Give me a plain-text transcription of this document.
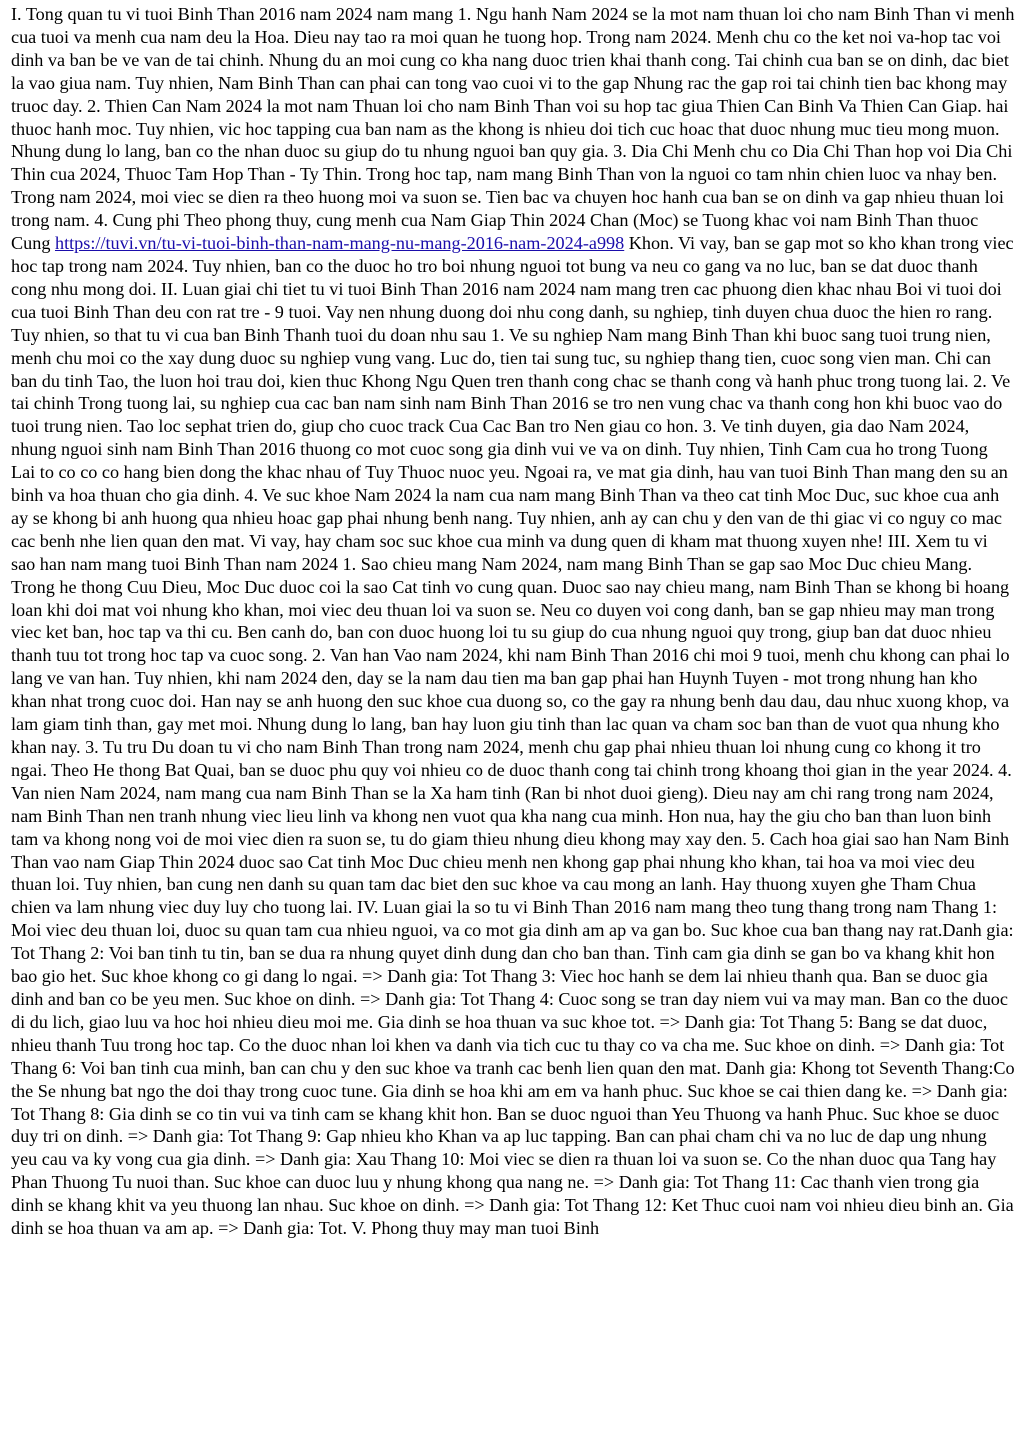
I. Tong quan tu vi tuoi Binh Than 2016 nam 2024 nam mang 1. Ngu hanh Nam 2024 se la mot nam thuan loi cho nam Binh Than vi menh cua tuoi va menh cua nam deu la Hoa. Dieu nay tao ra moi quan he tuong hop. Trong nam 2024. Menh chu co the ket noi va-hop tac voi dinh va ban be ve van de tai chinh. Nhung du an moi cung co kha nang duoc trien khai thanh cong. Tai chinh cua ban se on dinh, dac biet la vao giua nam. Tuy nhien, Nam Binh Than can phai can tong vao cuoi vi to the gap Nhung rac the gap roi tai chinh tien bac khong may truoc day. 2. Thien Can Nam 2024 la mot nam Thuan loi cho nam Binh Than voi su hop tac giua Thien Can Binh Va Thien Can Giap. hai thuoc hanh moc. Tuy nhien, vic hoc tapping cua ban nam as the khong is nhieu doi tich cuc hoac that duoc nhung muc tieu mong muon. Nhung dung lo lang, ban co the nhan duoc su giup do tu nhung nguoi ban quy gia. 3. Dia Chi Menh chu co Dia Chi Than hop voi Dia Chi Thin cua 2024, Thuoc Tam Hop Than - Ty Thin. Trong hoc tap, nam mang Binh Than von la nguoi co tam nhin chien luoc va nhay ben. Trong nam 2024, moi viec se dien ra theo huong moi va suon se. Tien bac va chuyen hoc hanh cua ban se on dinh va gap nhieu thuan loi trong nam. 4. Cung phi Theo phong thuy, cung menh cua Nam Giap Thin 2024 Chan (Moc) se Tuong khac voi nam Binh Than thuoc Cung https://tuvi.vn/tu-vi-tuoi-binh-than-nam-mang-nu-mang-2016-nam-2024-a998 Khon. Vi vay, ban se gap mot so kho khan trong viec hoc tap trong nam 2024. Tuy nhien, ban co the duoc ho tro boi nhung nguoi tot bung va neu co gang va no luc, ban se dat duoc thanh cong nhu mong doi. II. Luan giai chi tiet tu vi tuoi Binh Than 2016 nam 2024 nam mang tren cac phuong dien khac nhau Boi vi tuoi doi cua tuoi Binh Than deu con rat tre - 9 tuoi. Vay nen nhung duong doi nhu cong danh, su nghiep, tinh duyen chua duoc the hien ro rang. Tuy nhien, so that tu vi cua ban Binh Thanh tuoi du doan nhu sau 1. Ve su nghiep Nam mang Binh Than khi buoc sang tuoi trung nien, menh chu moi co the xay dung duoc su nghiep vung vang. Luc do, tien tai sung tuc, su nghiep thang tien, cuoc song vien man. Chi can ban du tinh Tao, the luon hoi trau doi, kien thuc Khong Ngu Quen tren thanh cong chac se thanh cong và hanh phuc trong tuong lai. 2. Ve tai chinh Trong tuong lai, su nghiep cua cac ban nam sinh nam Binh Than 2016 se tro nen vung chac va thanh cong hon khi buoc vao do tuoi trung nien. Tao loc sephat trien do, giup cho cuoc track Cua Cac Ban tro Nen giau co hon. 3. Ve tinh duyen, gia dao Nam 2024, nhung nguoi sinh nam Binh Than 2016 thuong co mot cuoc song gia dinh vui ve va on dinh. Tuy nhien, Tinh Cam cua ho trong Tuong Lai to co co co hang bien dong the khac nhau of Tuy Thuoc nuoc yeu. Ngoai ra, ve mat gia dinh, hau van tuoi Binh Than mang den su an binh va hoa thuan cho gia dinh. 4. Ve suc khoe Nam 2024 la nam cua nam mang Binh Than va theo cat tinh Moc Duc, suc khoe cua anh ay se khong bi anh huong qua nhieu hoac gap phai nhung benh nang. Tuy nhien, anh ay can chu y den van de thi giac vi co nguy co mac cac benh nhe lien quan den mat. Vi vay, hay cham soc suc khoe cua minh va dung quen di kham mat thuong xuyen nhe! III. Xem tu vi sao han nam mang tuoi Binh Than nam 2024 1. Sao chieu mang Nam 2024, nam mang Binh Than se gap sao Moc Duc chieu Mang. Trong he thong Cuu Dieu, Moc Duc duoc coi la sao Cat tinh vo cung quan. Duoc sao nay chieu mang, nam Binh Than se khong bi hoang loan khi doi mat voi nhung kho khan, moi viec deu thuan loi va suon se. Neu co duyen voi cong danh, ban se gap nhieu may man trong viec ket ban, hoc tap va thi cu. Ben canh do, ban con duoc huong loi tu su giup do cua nhung nguoi quy trong, giup ban dat duoc nhieu thanh tuu tot trong hoc tap va cuoc song. 2. Van han Vao nam 2024, khi nam Binh Than 2016 chi moi 9 tuoi, menh chu khong can phai lo lang ve van han. Tuy nhien, khi nam 2024 den, day se la nam dau tien ma ban gap phai han Huynh Tuyen - mot trong nhung han kho khan nhat trong cuoc doi. Han nay se anh huong den suc khoe cua duong so, co the gay ra nhung benh dau dau, dau nhuc xuong khop, va lam giam tinh than, gay met moi. Nhung dung lo lang, ban hay luon giu tinh than lac quan va cham soc ban than de vuot qua nhung kho khan nay. 3. Tu tru Du doan tu vi cho nam Binh Than trong nam 2024, menh chu gap phai nhieu thuan loi nhung cung co khong it tro ngai. Theo He thong Bat Quai, ban se duoc phu quy voi nhieu co de duoc thanh cong tai chinh trong khoang thoi gian in the year 2024. 4. Van nien Nam 2024, nam mang cua nam Binh Than se la Xa ham tinh (Ran bi nhot duoi gieng). Dieu nay am chi rang trong nam 2024, nam Binh Than nen tranh nhung viec lieu linh va khong nen vuot qua kha nang cua minh. Hon nua, hay the giu cho ban than luon binh tam va khong nong voi de moi viec dien ra suon se, tu do giam thieu nhung dieu khong may xay den. 5. Cach hoa giai sao han Nam Binh Than vao nam Giap Thin 2024 duoc sao Cat tinh Moc Duc chieu menh nen khong gap phai nhung kho khan, tai hoa va moi viec deu thuan loi. Tuy nhien, ban cung nen danh su quan tam dac biet den suc khoe va cau mong an lanh. Hay thuong xuyen ghe Tham Chua chien va lam nhung viec duy luy cho tuong lai. IV. Luan giai la so tu vi Binh Than 2016 nam mang theo tung thang trong nam Thang 1: Moi viec deu thuan loi, duoc su quan tam cua nhieu nguoi, va co mot gia dinh am ap va gan bo. Suc khoe cua ban thang nay rat.Danh gia: Tot Thang 2: Voi ban tinh tu tin, ban se dua ra nhung quyet dinh dung dan cho ban than. Tinh cam gia dinh se gan bo va khang khit hon bao gio het. Suc khoe khong co gi dang lo ngai. => Danh gia: Tot Thang 3: Viec hoc hanh se dem lai nhieu thanh qua. Ban se duoc gia dinh and ban co be yeu men. Suc khoe on dinh. => Danh gia: Tot Thang 4: Cuoc song se tran day niem vui va may man. Ban co the duoc di du lich, giao luu va hoc hoi nhieu dieu moi me. Gia dinh se hoa thuan va suc khoe tot. => Danh gia: Tot Thang 5: Bang se dat duoc, nhieu thanh Tuu trong hoc tap. Co the duoc nhan loi khen va danh via tich cuc tu thay co va cha me. Suc khoe on dinh. => Danh gia: Tot Thang 6: Voi ban tinh cua minh, ban can chu y den suc khoe va tranh cac benh lien quan den mat. Danh gia: Khong tot Seventh Thang:Co the Se nhung bat ngo the doi thay trong cuoc tune. Gia dinh se hoa khi am em va hanh phuc. Suc khoe se cai thien dang ke. => Danh gia: Tot Thang 8: Gia dinh se co tin vui va tinh cam se khang khit hon. Ban se duoc nguoi than Yeu Thuong va hanh Phuc. Suc khoe se duoc duy tri on dinh. => Danh gia: Tot Thang 9: Gap nhieu kho Khan va ap luc tapping. Ban can phai cham chi va no luc de dap ung nhung yeu cau va ky vong cua gia dinh. => Danh gia: Xau Thang 10: Moi viec se dien ra thuan loi va suon se. Co the nhan duoc qua Tang hay Phan Thuong Tu nuoi than. Suc khoe can duoc luu y nhung khong qua nang ne. => Danh gia: Tot Thang 11: Cac thanh vien trong gia dinh se khang khit va yeu thuong lan nhau. Suc khoe on dinh. => Danh gia: Tot Thang 12: Ket Thuc cuoi nam voi nhieu dieu binh an. Gia dinh se hoa thuan va am ap. => Danh gia: Tot. V. Phong thuy may man tuoi Binh
